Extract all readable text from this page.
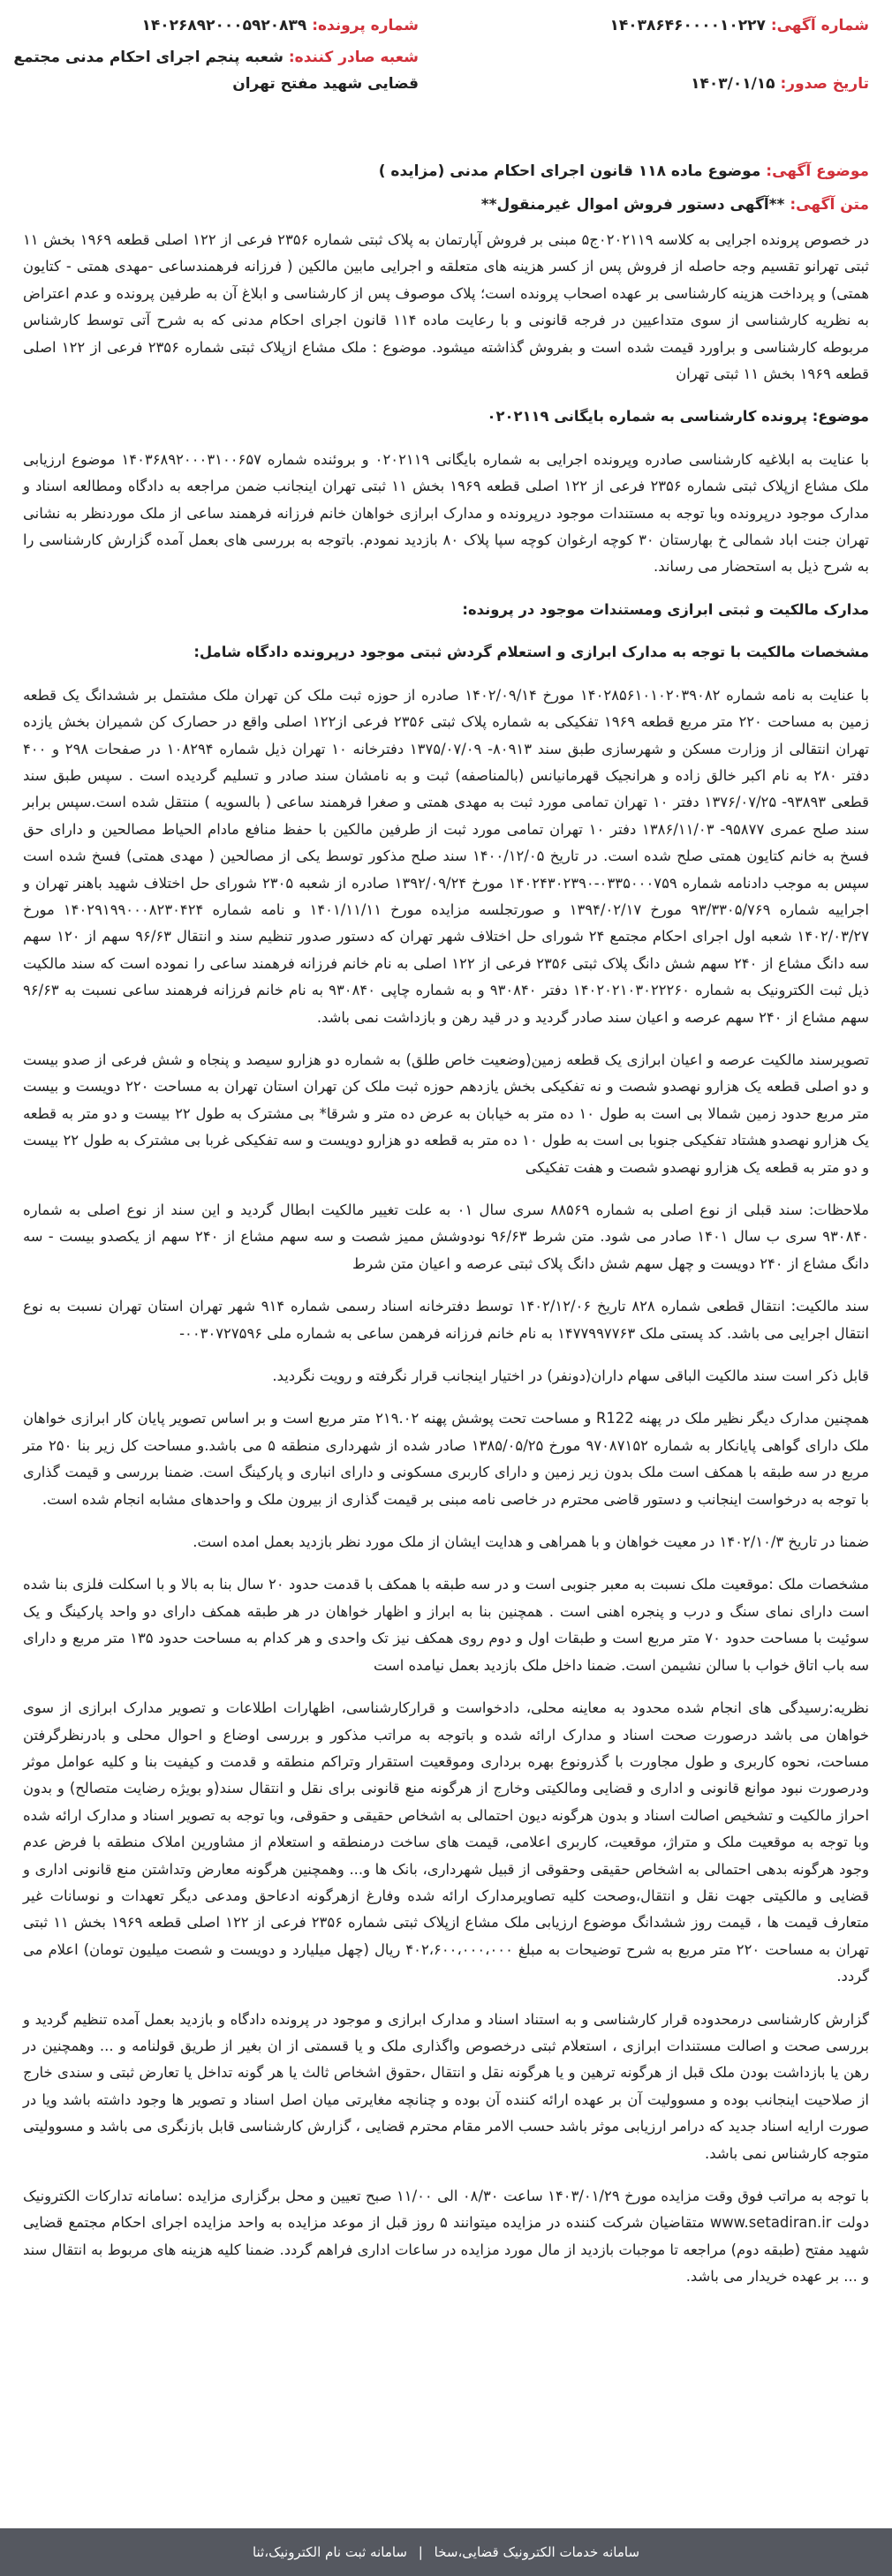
شماره آگهی: ۱۴۰۳۸۶۴۶۰۰۰۰۱۰۲۲۷
تاریخ صدور: ۱۴۰۳/۰۱/۱۵
شماره پرونده: ۱۴۰۲۶۸۹۲۰۰۰۵۹۲۰۸۳۹
شعبه صادر کننده: شعبه پنجم اجرای احکام مدنی مجتمع قضایی شهید مفتح تهران
موضوع آگهی: موضوع ماده ۱۱۸ قانون اجرای احکام مدنی (مزایده )
متن آگهی: **آگهی دستور فروش اموال غیرمنقول**

در خصوص پرونده اجرایی به کلاسه ۰۲۰۲۱۱۹ج۵ مبنی بر فروش آپارتمان به پلاک ثبتی شماره ۲۳۵۶ فرعی از ۱۲۲ اصلی قطعه ۱۹۶۹ بخش ۱۱ ثبتی تهرانو تقسیم وجه حاصله از فروش پس از کسر هزینه های متعلقه و اجرایی مابین مالکین ( فرزانه فرهمندساعی -مهدی همتی - کتایون همتی) و پرداخت هزینه کارشناسی بر عهده اصحاب پرونده است؛ پلاک موصوف پس از کارشناسی و ابلاغ آن به طرفین پرونده و عدم اعتراض به نظریه کارشناسی از سوی متداعیین در فرجه قانونی و با رعایت ماده ۱۱۴ قانون اجرای احکام مدنی که به شرح آتی توسط کارشناس مربوطه کارشناسی و براورد قیمت شده است و بفروش گذاشته میشود. موضوع : ملک مشاع ازپلاک ثبتی شماره ۲۳۵۶ فرعی از ۱۲۲ اصلی قطعه ۱۹۶۹ بخش ۱۱ ثبتی تهران

موضوع: پرونده کارشناسی به شماره بایگانی ۰۲۰۲۱۱۹

با عنایت به ابلاغیه کارشناسی صادره وپرونده اجرایی به شماره بایگانی ۰۲۰۲۱۱۹ و بروئنده شماره ۱۴۰۳۶۸۹۲۰۰۰۳۱۰۰۶۵۷ موضوع ارزیابی ملک مشاع ازپلاک ثبتی شماره ۲۳۵۶ فرعی از ۱۲۲ اصلی قطعه ۱۹۶۹ بخش ۱۱ ثبتی تهران اینجانب ضمن مراجعه به دادگاه ومطالعه اسناد و مدارک موجود درپرونده وبا توجه به مستندات موجود درپرونده و مدارک ابرازی خواهان خانم فرزانه فرهمند ساعی از ملک موردنظر به نشانی تهران جنت اباد شمالی خ بهارستان ۳۰ کوچه ارغوان کوچه سپا پلاک ۸۰ بازدید نمودم. باتوجه به بررسی های بعمل آمده گزارش کارشناسی را به شرح ذیل به استحضار می رساند.

مدارک مالکیت و ثبتی ابرازی ومستندات موجود در پرونده:

مشخصات مالکیت با توجه به مدارک ابرازی و استعلام گردش ثبتی موجود درپرونده دادگاه شامل:

با عنایت به نامه شماره ۱۴۰۲۸۵۶۱۰۱۰۲۰۳۹۰۸۲ مورخ ۱۴۰۲/۰۹/۱۴ صادره از حوزه ثبت ملک کن تهران ملک مشتمل بر ششدانگ یک قطعه زمین به مساحت ۲۲۰ متر مربع قطعه ۱۹۶۹ تفکیکی به شماره پلاک ثبتی ۲۳۵۶ فرعی از۱۲۲ اصلی واقع در حصارک کن شمیران بخش یازده تهران انتقالی از وزارت مسکن و شهرسازی طبق سند ۸۰۹۱۳- ۱۳۷۵/۰۷/۰۹ دفترخانه ۱۰ تهران ذیل شماره ۱۰۸۲۹۴ در صفحات ۲۹۸ و ۴۰۰ دفتر ۲۸۰ به نام اکبر خالق زاده و هرانجیک قهرمانیانس (بالمناصفه) ثبت و به نامشان سند صادر و تسلیم گردیده است . سپس طبق سند قطعی ۹۳۸۹۳- ۱۳۷۶/۰۷/۲۵ دفتر ۱۰ تهران تمامی مورد ثبت به مهدی همتی و صغرا فرهمند ساعی ( بالسویه ) منتقل شده است.سپس برابر سند صلح عمری ۹۵۸۷۷- ۱۳۸۶/۱۱/۰۳ دفتر ۱۰ تهران تمامی مورد ثبت از طرفین مالکین با حفظ منافع مادام الحیاط مصالحین و دارای حق فسخ به خانم کتایون همتی صلح شده است. در تاریخ ۱۴۰۰/۱۲/۰۵ سند صلح مذکور توسط یکی از مصالحین ( مهدی همتی) فسخ شده است سپس به موجب دادنامه شماره ۰۳۳۵۰۰۰۷۵۹-۱۴۰۲۴۳۰۲۳۹۰ مورخ ۱۳۹۲/۰۹/۲۴ صادره از شعبه ۲۳۰۵ شورای حل اختلاف شهید باهنر تهران و اجراییه شماره ۹۳/۳۳۰۵/۷۶۹ مورخ ۱۳۹۴/۰۲/۱۷ و صورتجلسه مزایده مورخ ۱۴۰۱/۱۱/۱۱ و نامه شماره ۱۴۰۲۹۱۹۹۰۰۰۸۲۳۰۴۲۴ مورخ ۱۴۰۲/۰۳/۲۷ شعبه اول اجرای احکام مجتمع ۲۴ شورای حل اختلاف شهر تهران که دستور صدور تنظیم سند و انتقال ۹۶/۶۳ سهم از ۱۲۰ سهم سه دانگ مشاع از ۲۴۰ سهم شش دانگ پلاک ثبتی ۲۳۵۶ فرعی از ۱۲۲ اصلی به نام خانم فرزانه فرهمند ساعی را نموده است که سند مالکیت ذیل ثبت الکترونیک به شماره ۱۴۰۲۰۲۱۰۳۰۲۲۲۶۰ دفتر ۹۳۰۸۴۰ و به شماره چاپی ۹۳۰۸۴۰ به نام خانم فرزانه فرهمند ساعی نسبت به ۹۶/۶۳ سهم مشاع از ۲۴۰ سهم عرصه و اعیان سند صادر گردید و در قید رهن و بازداشت نمی باشد.

تصویرسند مالکیت عرصه و اعیان ابرازی یک قطعه زمین(وضعیت خاص طلق) به شماره دو هزارو سیصد و پنجاه و شش فرعی از صدو بیست و دو اصلی قطعه یک هزارو نهصدو شصت و نه تفکیکی بخش یازدهم حوزه ثبت ملک کن تهران استان تهران به مساحت ۲۲۰ دویست و بیست متر مربع حدود زمین شمالا بی است به طول ۱۰ ده متر به خیابان به عرض ده متر و شرقا* بی مشترک به طول ۲۲ بیست و دو متر به قطعه یک هزارو نهصدو هشتاد تفکیکی جنوبا بی است به طول ۱۰ ده متر به قطعه دو هزارو دویست و سه تفکیکی غربا بی مشترک به طول ۲۲ بیست و دو متر به قطعه یک هزارو نهصدو شصت و هفت تفکیکی

ملاحظات: سند قبلی از نوع اصلی به شماره ۸۸۵۶۹ سری سال ۰۱ به علت تغییر مالکیت ابطال گردید و این سند از نوع اصلی به شماره ۹۳۰۸۴۰ سری ب سال ۱۴۰۱ صادر می شود. متن شرط ۹۶/۶۳ نودوشش ممیز شصت و سه سهم مشاع از ۲۴۰ سهم از یکصدو بیست - سه دانگ مشاع از ۲۴۰ دویست و چهل سهم شش دانگ پلاک ثبتی عرصه و اعیان متن شرط

سند مالکیت: انتقال قطعی شماره ۸۲۸ تاریخ ۱۴۰۲/۱۲/۰۶ توسط دفترخانه اسناد رسمی شماره ۹۱۴ شهر تهران استان تهران نسبت به نوع انتقال اجرایی می باشد. کد پستی ملک ۱۴۷۷۹۹۷۷۶۳ به نام خانم فرزانه فرهمن ساعی به شماره ملی ۰۰۳۰۷۲۷۵۹۶-

قابل ذکر است سند مالکیت الباقی سهام داران(دونفر) در اختیار اینجانب قرار نگرفته و رویت نگردید.

همچنین مدارک دیگر نظیر ملک در پهنه R122 و مساحت تحت پوشش پهنه ۲۱۹.۰۲ متر مربع است و بر اساس تصویر پایان کار ابرازی خواهان ملک دارای گواهی پایانکار به شماره ۹۷۰۸۷۱۵۲ مورخ ۱۳۸۵/۰۵/۲۵ صادر شده از شهرداری منطقه ۵ می باشد.و مساحت کل زیر بنا ۲۵۰ متر مربع در سه طبقه با همکف است ملک بدون زیر زمین و دارای کاربری مسکونی و دارای انباری و پارکینگ است. ضمنا بررسی و قیمت گذاری با توجه به درخواست اینجانب و دستور قاضی محترم در خاصی نامه مبنی بر قیمت گذاری از بیرون ملک و واحدهای مشابه انجام شده است.

ضمنا در تاریخ ۱۴۰۲/۱۰/۳ در معیت خواهان و با همراهی و هدایت ایشان از ملک مورد نظر بازدید بعمل امده است.

مشخصات ملک :موقعیت ملک نسبت به معبر جنوبی است و در سه طبقه با همکف با قدمت حدود ۲۰ سال بنا به بالا و با اسکلت فلزی بنا شده است دارای نمای سنگ و درب و پنجره اهنی است . همچنین بنا به ابراز و اظهار خواهان در هر طبقه همکف دارای دو واحد پارکینگ و یک سوئیت با مساحت حدود ۷۰ متر مربع است و طبقات اول و دوم روی همکف نیز تک واحدی و هر کدام به مساحت حدود ۱۳۵ متر مربع و دارای سه باب اتاق خواب با سالن نشیمن است. ضمنا داخل ملک بازدید بعمل نیامده است

نظریه:رسیدگی های انجام شده محدود به معاینه محلی، دادخواست و قرارکارشناسی، اظهارات اطلاعات و تصویر مدارک ابرازی از سوی خواهان می باشد درصورت صحت اسناد و مدارک ارائه شده و باتوجه به مراتب مذکور و بررسی اوضاع و احوال محلی و بادرنظرگرفتن مساحت، نحوه کاربری و طول مجاورت با گذرونوع بهره برداری وموقعیت استقرار وتراکم منطقه و قدمت و کیفیت بنا و کلیه عوامل موثر ودرصورت نبود موانع قانونی و اداری و قضایی ومالکیتی وخارج از هرگونه منع قانونی برای نقل و انتقال سند(و بویژه رضایت متصالح) و بدون احراز مالکیت و تشخیص اصالت اسناد و بدون هرگونه دیون احتمالی به اشخاص حقیقی و حقوقی، وبا توجه به تصویر اسناد و مدارک ارائه شده وبا توجه به موقعیت ملک و متراژ، موقعیت، کاربری اعلامی، قیمت های ساخت درمنطقه و استعلام از مشاورین املاک منطقه با فرض عدم وجود هرگونه بدهی احتمالی به اشخاص حقیقی وحقوقی از قبیل شهرداری، بانک ها و... وهمچنین هرگونه معارض وتداشتن منع قانونی اداری و قضایی و مالکیتی جهت نقل و انتقال،وصحت کلیه تصاویرمدارک ارائه شده وفارغ ازهرگونه ادعاحق ومدعی دیگر تعهدات و نوسانات غیر متعارف قیمت ها ، قیمت روز ششدانگ موضوع ارزیابی ملک مشاع ازپلاک ثبتی شماره ۲۳۵۶ فرعی از ۱۲۲ اصلی قطعه ۱۹۶۹ بخش ۱۱ ثبتی تهران به مساحت ۲۲۰ متر مربع به شرح توضیحات به مبلغ ۴۰۲،۶۰۰،۰۰۰،۰۰۰ ریال (چهل میلیارد و دویست و شصت میلیون تومان) اعلام می گردد.

گزارش کارشناسی درمحدوده قرار کارشناسی و به استناد اسناد و مدارک ابرازی و موجود در پرونده دادگاه و بازدید بعمل آمده تنظیم گردید و بررسی صحت و اصالت مستندات ابرازی ، استعلام ثبتی درخصوص واگذاری ملک و یا قسمتی از ان بغیر از طریق قولنامه و ... وهمچنین در رهن یا بازداشت بودن ملک قبل از هرگونه ترهین و یا هرگونه نقل و انتقال ،حقوق اشخاص ثالث یا هر گونه تداخل یا تعارض ثبتی و سندی خارج از صلاحیت اینجانب بوده و مسوولیت آن بر عهده ارائه کننده آن بوده و چنانچه مغایرتی میان اصل اسناد و تصویر ها وجود داشته باشد ویا در صورت ارایه اسناد جدید که درامر ارزیابی موثر باشد حسب الامر مقام محترم قضایی ، گزارش کارشناسی قابل بازنگری می باشد و مسوولیتی متوجه کارشناس نمی باشد.

با توجه به مراتب فوق وقت مزایده مورخ ۱۴۰۳/۰۱/۲۹ ساعت ۰۸/۳۰ الی ۱۱/۰۰ صبح تعیین و محل برگزاری مزایده :سامانه تدارکات الکترونیک دولت www.setadiran.ir متقاضیان شرکت کننده در مزایده میتوانند ۵ روز قبل از موعد مزایده به واحد مزایده اجرای احکام مجتمع قضایی شهید مفتح (طبقه دوم) مراجعه تا موجبات بازدید از مال مورد مزایده در ساعات اداری فراهم گردد. ضمنا کلیه هزینه های مربوط به انتقال سند و ... بر عهده خریدار می باشد.

سامانه خدمات الکترونیک قضایی،سخا | سامانه ثبت نام الکترونیک،ثنا
